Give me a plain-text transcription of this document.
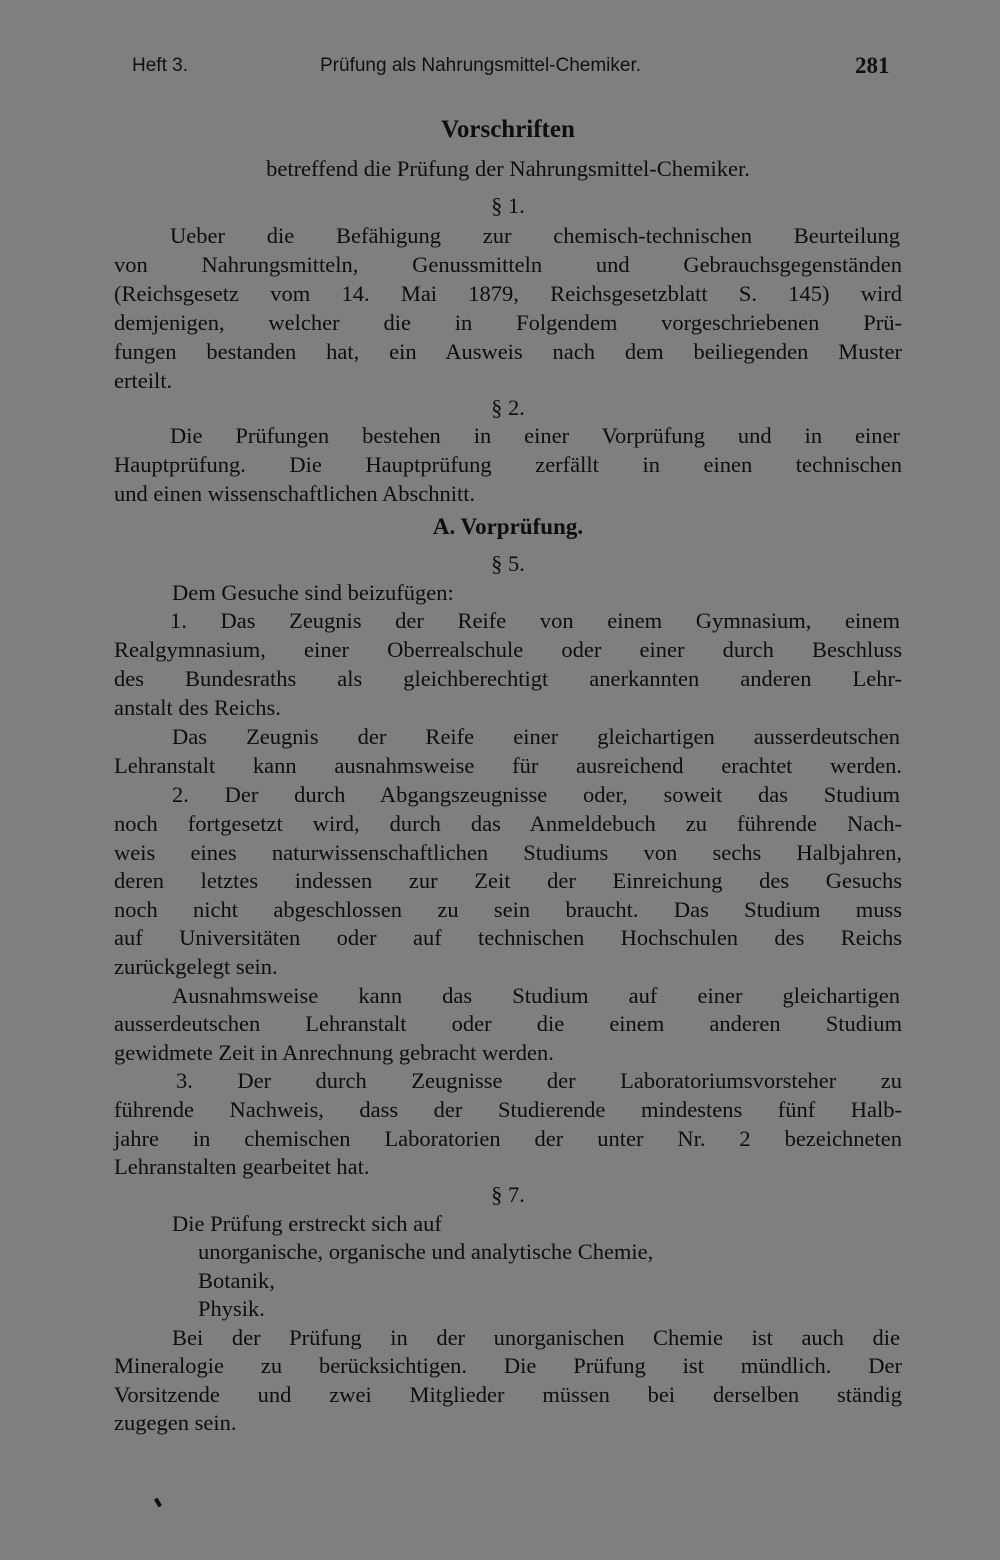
Heft 3.	Prüfung als Nahrungsmittel-Chemiker.	281
Vorschriften
betreffend die Prüfung der Nahrungsmittel-Chemiker.
§ 1.
Ueber die Befähigung zur chemisch-technischen Beurteilung
von Nahrungsmitteln, Genussmitteln und Gebrauchsgegenständen
(Reichsgesetz vom 14. Mai 1879, Reichsgesetzblatt S. 145) wird
demjenigen, welcher die in Folgendem vorgeschriebenen Prü-
fungen bestanden hat, ein Ausweis nach dem beiliegenden Muster
erteilt.
§ 2.
Die Prüfungen bestehen in einer Vorprüfung und in einer
Hauptprüfung. Die Hauptprüfung zerfällt in einen technischen
und einen wissenschaftlichen Abschnitt.
A. Vorprüfung.
§ 5.
Dem Gesuche sind beizufügen:
1. Das Zeugnis der Reife von einem Gymnasium, einem
Realgymnasium, einer Oberrealschule oder einer durch Beschluss
des Bundesraths als gleichberechtigt anerkannten anderen Lehr-
anstalt des Reichs.
Das Zeugnis der Reife einer gleichartigen ausserdeutschen
Lehranstalt kann ausnahmsweise für ausreichend erachtet werden.
2. Der durch Abgangszeugnisse oder, soweit das Studium
noch fortgesetzt wird, durch das Anmeldebuch zu führende Nach-
weis eines naturwissenschaftlichen Studiums von sechs Halbjahren,
deren letztes indessen zur Zeit der Einreichung des Gesuchs
noch nicht abgeschlossen zu sein braucht. Das Studium muss
auf Universitäten oder auf technischen Hochschulen des Reichs
zurückgelegt sein.
Ausnahmsweise kann das Studium auf einer gleichartigen
ausserdeutschen Lehranstalt oder die einem anderen Studium
gewidmete Zeit in Anrechnung gebracht werden.
3. Der durch Zeugnisse der Laboratoriumsvorsteher zu
führende Nachweis, dass der Studierende mindestens fünf Halb-
jahre in chemischen Laboratorien der unter Nr. 2 bezeichneten
Lehranstalten gearbeitet hat.
§ 7.
Die Prüfung erstreckt sich auf
unorganische, organische und analytische Chemie,
Botanik,
Physik.
Bei der Prüfung in der unorganischen Chemie ist auch die
Mineralogie zu berücksichtigen. Die Prüfung ist mündlich. Der
Vorsitzende und zwei Mitglieder müssen bei derselben ständig
zugegen sein.
